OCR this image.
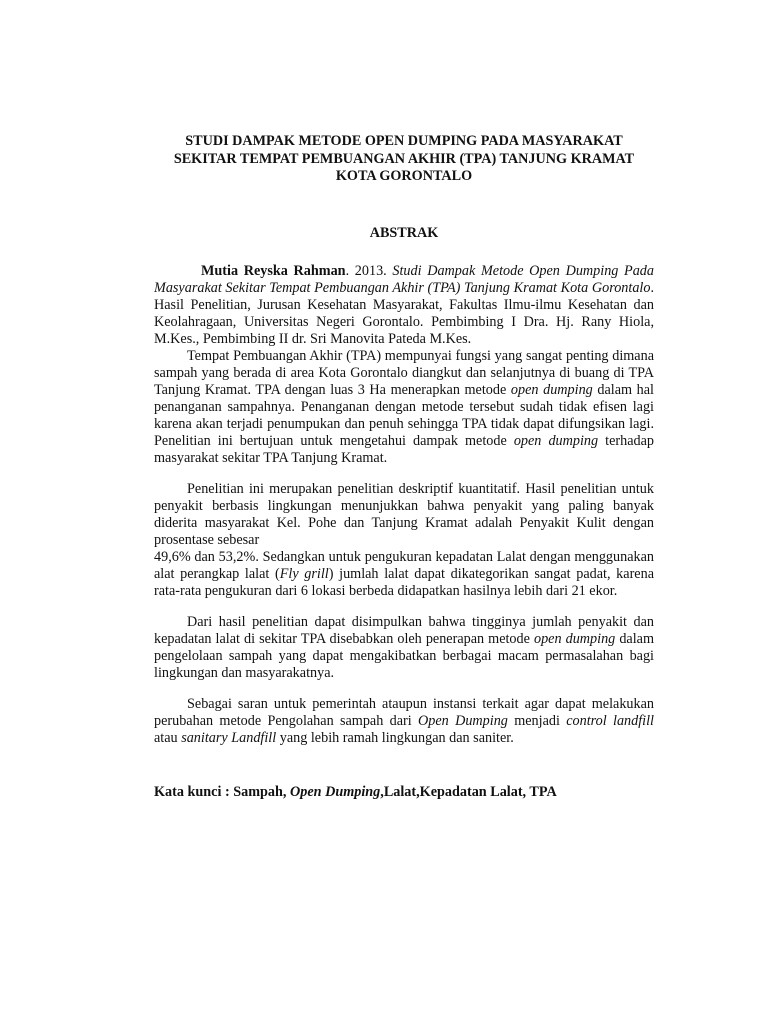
STUDI DAMPAK METODE OPEN DUMPING PADA MASYARAKAT
SEKITAR TEMPAT PEMBUANGAN AKHIR (TPA) TANJUNG KRAMAT
KOTA GORONTALO
ABSTRAK

Mutia Reyska Rahman. 2013. Studi Dampak Metode Open Dumping Pada Masyarakat Sekitar Tempat Pembuangan Akhir (TPA) Tanjung Kramat Kota Gorontalo. Hasil Penelitian, Jurusan Kesehatan Masyarakat, Fakultas Ilmu-ilmu Kesehatan dan Keolahragaan, Universitas Negeri Gorontalo. Pembimbing I Dra. Hj. Rany Hiola, M.Kes., Pembimbing II dr. Sri Manovita Pateda M.Kes.

Tempat Pembuangan Akhir (TPA) mempunyai fungsi yang sangat penting dimana sampah yang berada di area Kota Gorontalo diangkut dan selanjutnya di buang di TPA Tanjung Kramat. TPA dengan luas 3 Ha menerapkan metode open dumping dalam hal penanganan sampahnya. Penanganan dengan metode tersebut sudah tidak efisen lagi karena akan terjadi penumpukan dan penuh sehingga TPA tidak dapat difungsikan lagi. Penelitian ini bertujuan untuk mengetahui dampak metode open dumping terhadap masyarakat sekitar TPA Tanjung Kramat.

Penelitian ini merupakan penelitian deskriptif kuantitatif. Hasil penelitian untuk penyakit berbasis lingkungan menunjukkan bahwa penyakit yang paling banyak diderita masyarakat Kel. Pohe dan Tanjung Kramat adalah Penyakit Kulit dengan prosentase sebesar

49,6% dan 53,2%. Sedangkan untuk pengukuran kepadatan Lalat dengan menggunakan alat perangkap lalat (Fly grill) jumlah lalat dapat dikategorikan sangat padat, karena rata-rata pengukuran dari 6 lokasi berbeda didapatkan hasilnya lebih dari 21 ekor.

Dari hasil penelitian dapat disimpulkan bahwa tingginya jumlah penyakit dan kepadatan lalat di sekitar TPA disebabkan oleh penerapan metode open dumping dalam pengelolaan sampah yang dapat mengakibatkan berbagai macam permasalahan bagi lingkungan dan masyarakatnya.

Sebagai saran untuk pemerintah ataupun instansi terkait agar dapat melakukan perubahan metode Pengolahan sampah dari Open Dumping menjadi control landfill atau sanitary Landfill yang lebih ramah lingkungan dan saniter.

Kata kunci : Sampah, Open Dumping,Lalat,Kepadatan Lalat, TPA
